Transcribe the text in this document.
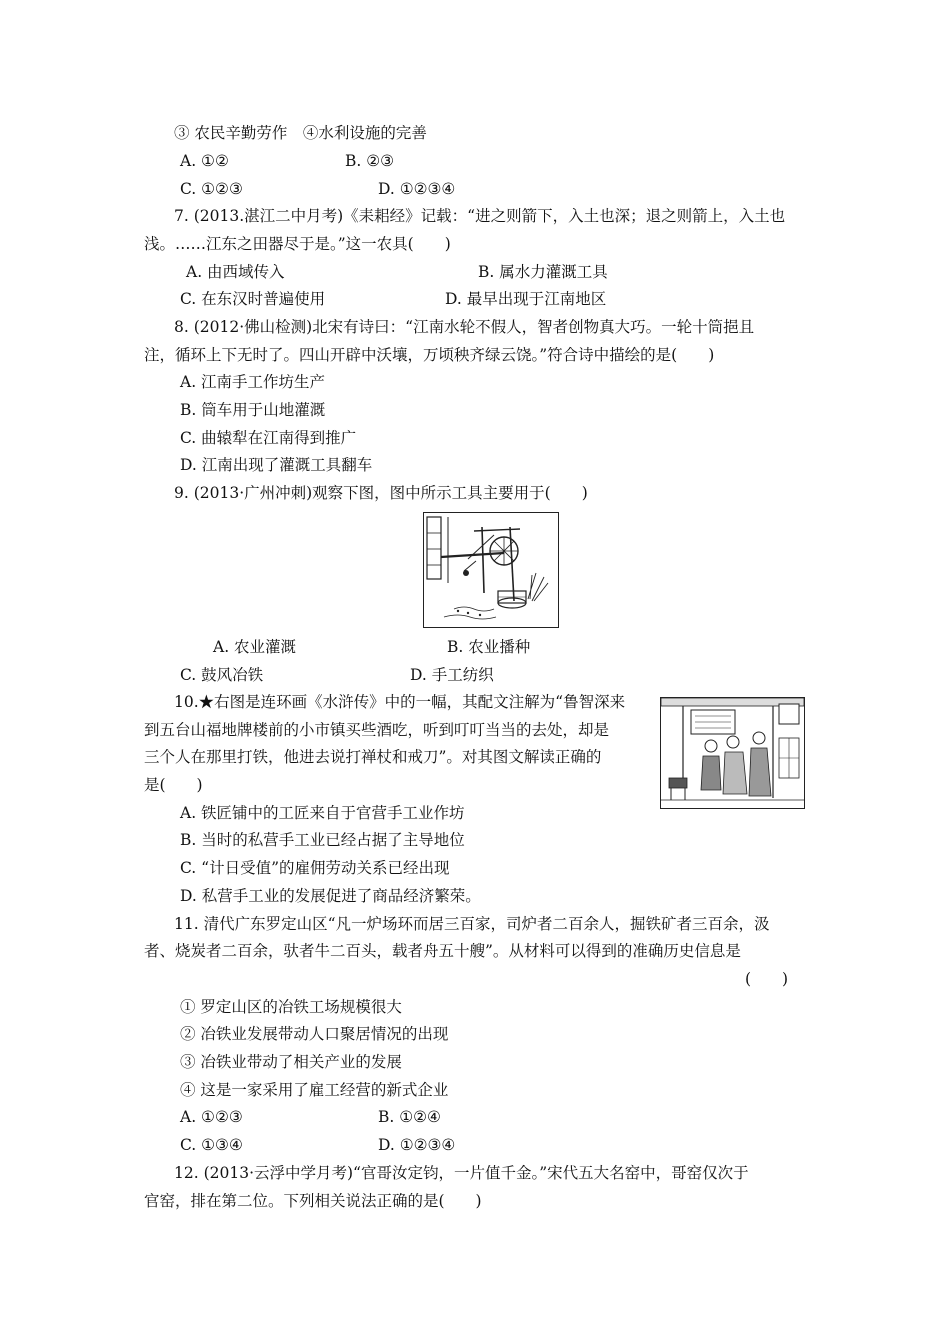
③ 农民辛勤劳作　④水利设施的完善
A. ①②	B. ②③
C. ①②③	D. ①②③④
7. (2013.湛江二中月考)《耒耜经》记载：“进之则箭下，入土也深；退之则箭上，入土也
浅。……江东之田器尽于是。”这一农具(　　)
A. 由西域传入	B. 属水力灌溉工具
C. 在东汉时普遍使用	D. 最早出现于江南地区
8. (2012·佛山检测)北宋有诗曰：“江南水轮不假人，智者创物真大巧。一轮十筒挹且
注，循环上下无时了。四山开辟中沃壤，万顷秧齐绿云饶。”符合诗中描绘的是(　　)
A. 江南手工作坊生产
B. 筒车用于山地灌溉
C. 曲辕犁在江南得到推广
D. 江南出现了灌溉工具翻车
9. (2013·广州冲刺)观察下图，图中所示工具主要用于(　　)
A. 农业灌溉	B. 农业播种
C. 鼓风冶铁	D. 手工纺织
10.★右图是连环画《水浒传》中的一幅，其配文注解为“鲁智深来
到五台山福地牌楼前的小市镇买些酒吃，听到叮叮当当的去处，却是
三个人在那里打铁，他进去说打禅杖和戒刀”。对其图文解读正确的
是(　　)
A. 铁匠铺中的工匠来自于官营手工业作坊
B. 当时的私营手工业已经占据了主导地位
C. “计日受值”的雇佣劳动关系已经出现
D. 私营手工业的发展促进了商品经济繁荣。
11. 清代广东罗定山区“凡一炉场环而居三百家，司炉者二百余人，掘铁矿者三百余，汲
者、烧炭者二百余，驮者牛二百头，载者舟五十艘”。从材料可以得到的准确历史信息是
(　　)
① 罗定山区的冶铁工场规模很大
② 冶铁业发展带动人口聚居情况的出现
③ 冶铁业带动了相关产业的发展
④ 这是一家采用了雇工经营的新式企业
A. ①②③	B. ①②④
C. ①③④	D. ①②③④
12. (2013·云浮中学月考)“官哥汝定钧，一片值千金。”宋代五大名窑中，哥窑仅次于
官窑，排在第二位。下列相关说法正确的是(　　)
